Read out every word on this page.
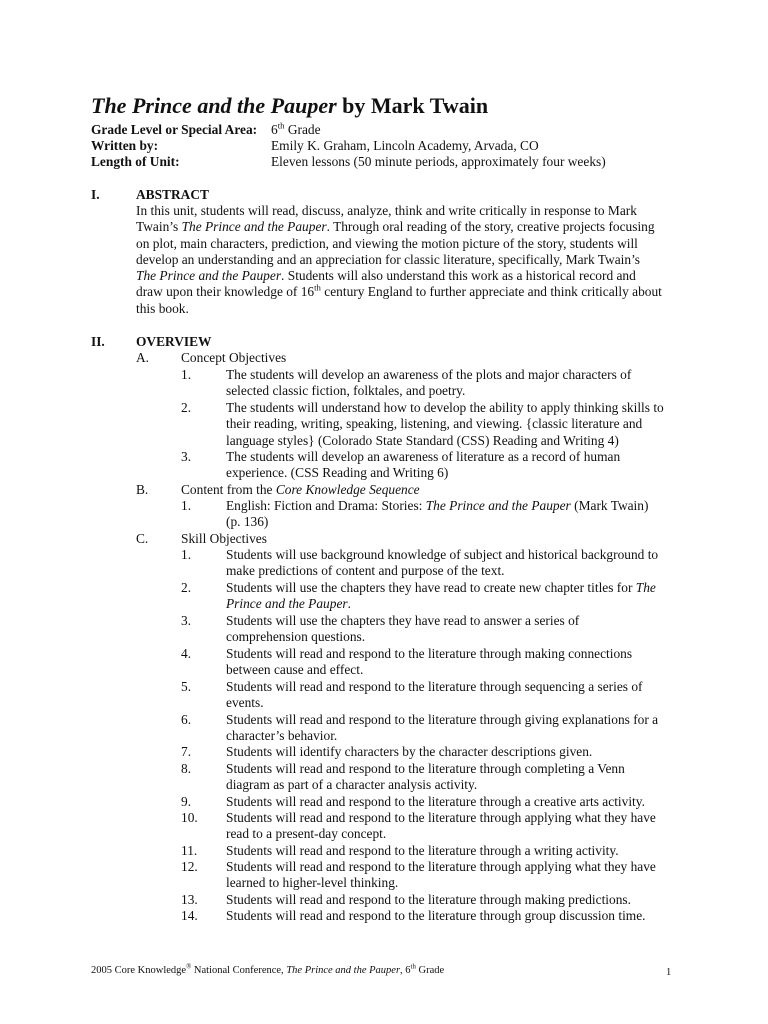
The Prince and the Pauper by Mark Twain
Grade Level or Special Area: 6th Grade
Written by:	Emily K. Graham, Lincoln Academy, Arvada, CO
Length of Unit:	Eleven lessons (50 minute periods, approximately four weeks)
I.	ABSTRACT
In this unit, students will read, discuss, analyze, think and write critically in response to Mark
Twain’s The Prince and the Pauper. Through oral reading of the story, creative projects focusing
on plot, main characters, prediction, and viewing the motion picture of the story, students will
develop an understanding and an appreciation for classic literature, specifically, Mark Twain’s
The Prince and the Pauper. Students will also understand this work as a historical record and
draw upon their knowledge of 16th century England to further appreciate and think critically about
this book.
II. OVERVIEW
A. Concept Objectives
1.	The students will develop an awareness of the plots and major characters of
selected classic fiction, folktales, and poetry.
2.	The students will understand how to develop the ability to apply thinking skills to
their reading, writing, speaking, listening, and viewing. {classic literature and
language styles} (Colorado State Standard (CSS) Reading and Writing 4)
3.	The students will develop an awareness of literature as a record of human
experience. (CSS Reading and Writing 6)
B. Content from the Core Knowledge Sequence
1.	English: Fiction and Drama: Stories: The Prince and the Pauper (Mark Twain)
(p. 136)
C. Skill Objectives
1.	Students will use background knowledge of subject and historical background to
make predictions of content and purpose of the text.
2.	Students will use the chapters they have read to create new chapter titles for The
Prince and the Pauper.
3.	Students will use the chapters they have read to answer a series of
comprehension questions.
4.	Students will read and respond to the literature through making connections
between cause and effect.
5.	Students will read and respond to the literature through sequencing a series of
events.
6.	Students will read and respond to the literature through giving explanations for a
character’s behavior.
7.	Students will identify characters by the character descriptions given.
8.	Students will read and respond to the literature through completing a Venn
diagram as part of a character analysis activity.
9.	Students will read and respond to the literature through a creative arts activity.
10. Students will read and respond to the literature through applying what they have
read to a present-day concept.
11. Students will read and respond to the literature through a writing activity.
12. Students will read and respond to the literature through applying what they have
learned to higher-level thinking.
13. Students will read and respond to the literature through making predictions.
14. Students will read and respond to the literature through group discussion time.
2005 Core Knowledge® National Conference, The Prince and the Pauper, 6th Grade	1
